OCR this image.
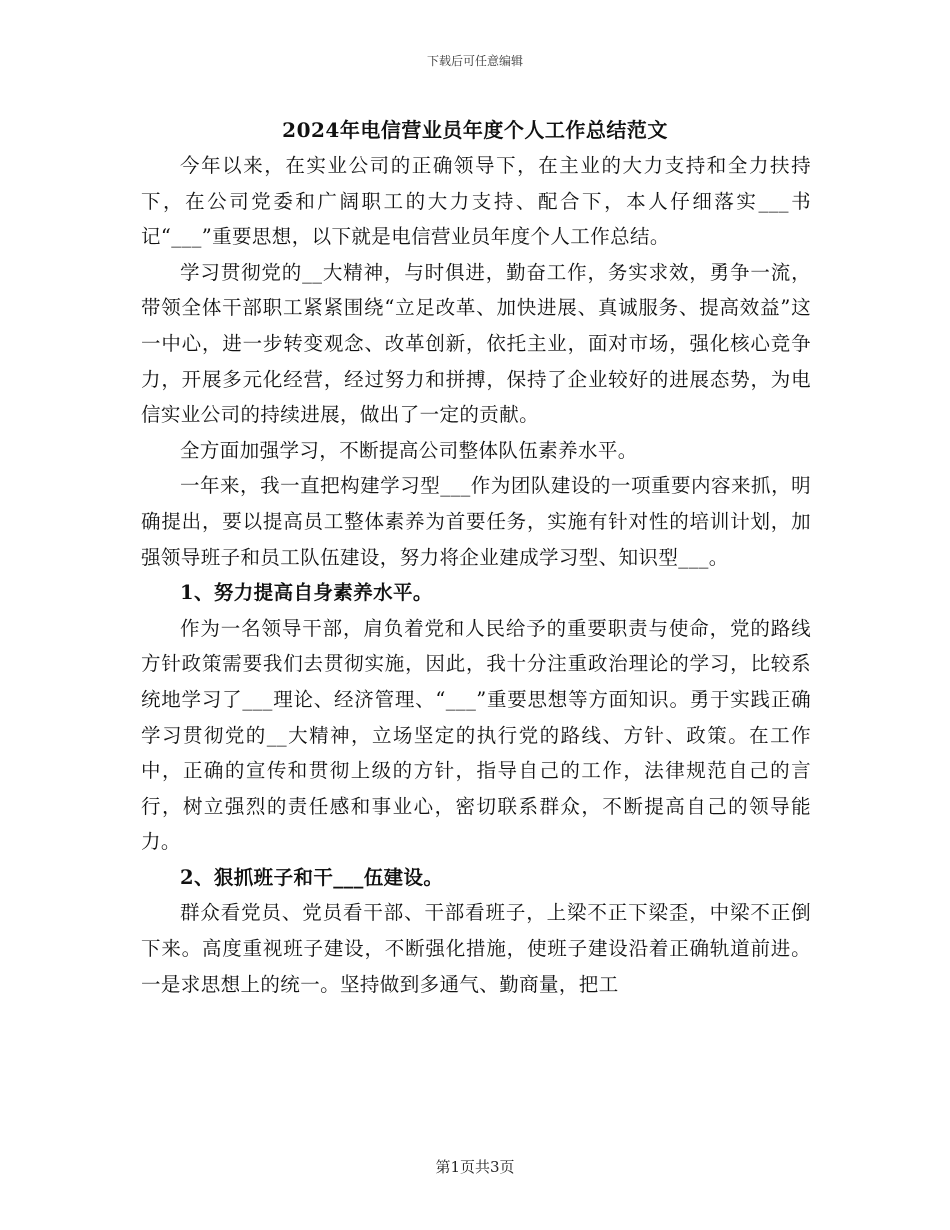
下载后可任意编辑
2024年电信营业员年度个人工作总结范文

今年以来，在实业公司的正确领导下，在主业的大力支持和全力扶持下，在公司党委和广阔职工的大力支持、配合下，本人仔细落实___书记“___”重要思想，以下就是电信营业员年度个人工作总结。

学习贯彻党的__大精神，与时俱进，勤奋工作，务实求效，勇争一流，带领全体干部职工紧紧围绕“立足改革、加快进展、真诚服务、提高效益”这一中心，进一步转变观念、改革创新，依托主业，面对市场，强化核心竞争力，开展多元化经营，经过努力和拼搏，保持了企业较好的进展态势，为电信实业公司的持续进展，做出了一定的贡献。

全方面加强学习，不断提高公司整体队伍素养水平。

一年来，我一直把构建学习型___作为团队建设的一项重要内容来抓，明确提出，要以提高员工整体素养为首要任务，实施有针对性的培训计划，加强领导班子和员工队伍建设，努力将企业建成学习型、知识型___。

1、努力提高自身素养水平。

作为一名领导干部，肩负着党和人民给予的重要职责与使命，党的路线方针政策需要我们去贯彻实施，因此，我十分注重政治理论的学习，比较系统地学习了___理论、经济管理、“___”重要思想等方面知识。勇于实践正确学习贯彻党的__大精神，立场坚定的执行党的路线、方针、政策。在工作中，正确的宣传和贯彻上级的方针，指导自己的工作，法律规范自己的言行，树立强烈的责任感和事业心，密切联系群众，不断提高自己的领导能力。

2、狠抓班子和干___伍建设。

群众看党员、党员看干部、干部看班子，上梁不正下梁歪，中梁不正倒下来。高度重视班子建设，不断强化措施，使班子建设沿着正确轨道前进。一是求思想上的统一。坚持做到多通气、勤商量，把工

第1页共3页
